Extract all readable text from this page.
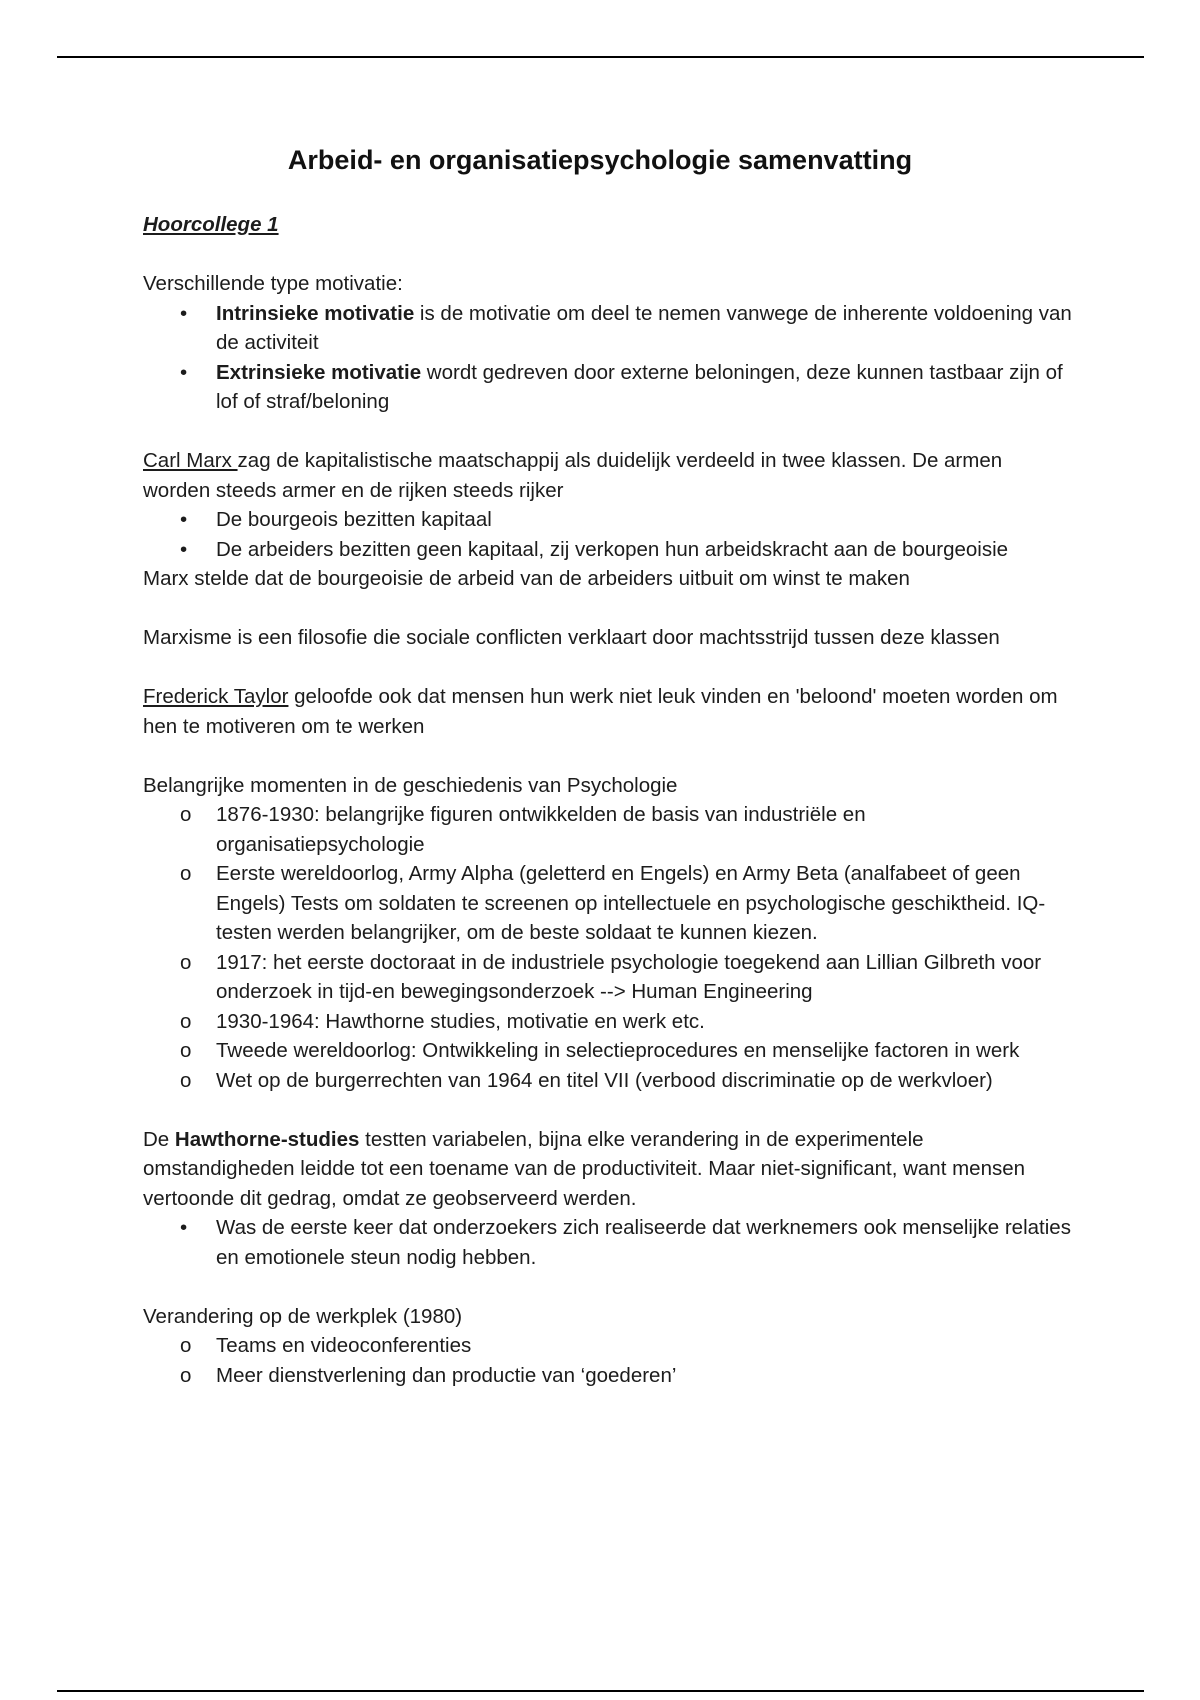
Arbeid- en organisatiepsychologie samenvatting

Hoorcollege 1

Verschillende type motivatie:

• Intrinsieke motivatie is de motivatie om deel te nemen vanwege de inherente voldoening van de activiteit
• Extrinsieke motivatie wordt gedreven door externe beloningen, deze kunnen tastbaar zijn of lof of straf/beloning

Carl Marx zag de kapitalistische maatschappij als duidelijk verdeeld in twee klassen. De armen worden steeds armer en de rijken steeds rijker

• De bourgeois bezitten kapitaal
• De arbeiders bezitten geen kapitaal, zij verkopen hun arbeidskracht aan de bourgeoisie

Marx stelde dat de bourgeoisie de arbeid van de arbeiders uitbuit om winst te maken

Marxisme is een filosofie die sociale conflicten verklaart door machtsstrijd tussen deze klassen

Frederick Taylor geloofde ook dat mensen hun werk niet leuk vinden en 'beloond' moeten worden om hen te motiveren om te werken

Belangrijke momenten in de geschiedenis van Psychologie

o 1876-1930: belangrijke figuren ontwikkelden de basis van industriële en organisatiepsychologie
o Eerste wereldoorlog, Army Alpha (geletterd en Engels) en Army Beta (analfabeet of geen Engels) Tests om soldaten te screenen op intellectuele en psychologische geschiktheid. IQ-testen werden belangrijker, om de beste soldaat te kunnen kiezen.
o 1917: het eerste doctoraat in de industriele psychologie toegekend aan Lillian Gilbreth voor onderzoek in tijd-en bewegingsonderzoek --> Human Engineering
o 1930-1964: Hawthorne studies, motivatie en werk etc.
o Tweede wereldoorlog: Ontwikkeling in selectieprocedures en menselijke factoren in werk
o Wet op de burgerrechten van 1964 en titel VII (verbood discriminatie op de werkvloer)

De Hawthorne-studies testten variabelen, bijna elke verandering in de experimentele omstandigheden leidde tot een toename van de productiviteit. Maar niet-significant, want mensen vertoonde dit gedrag, omdat ze geobserveerd werden.

• Was de eerste keer dat onderzoekers zich realiseerde dat werknemers ook menselijke relaties en emotionele steun nodig hebben.

Verandering op de werkplek (1980)

o Teams en videoconferenties
o Meer dienstverlening dan productie van ‘goederen’
